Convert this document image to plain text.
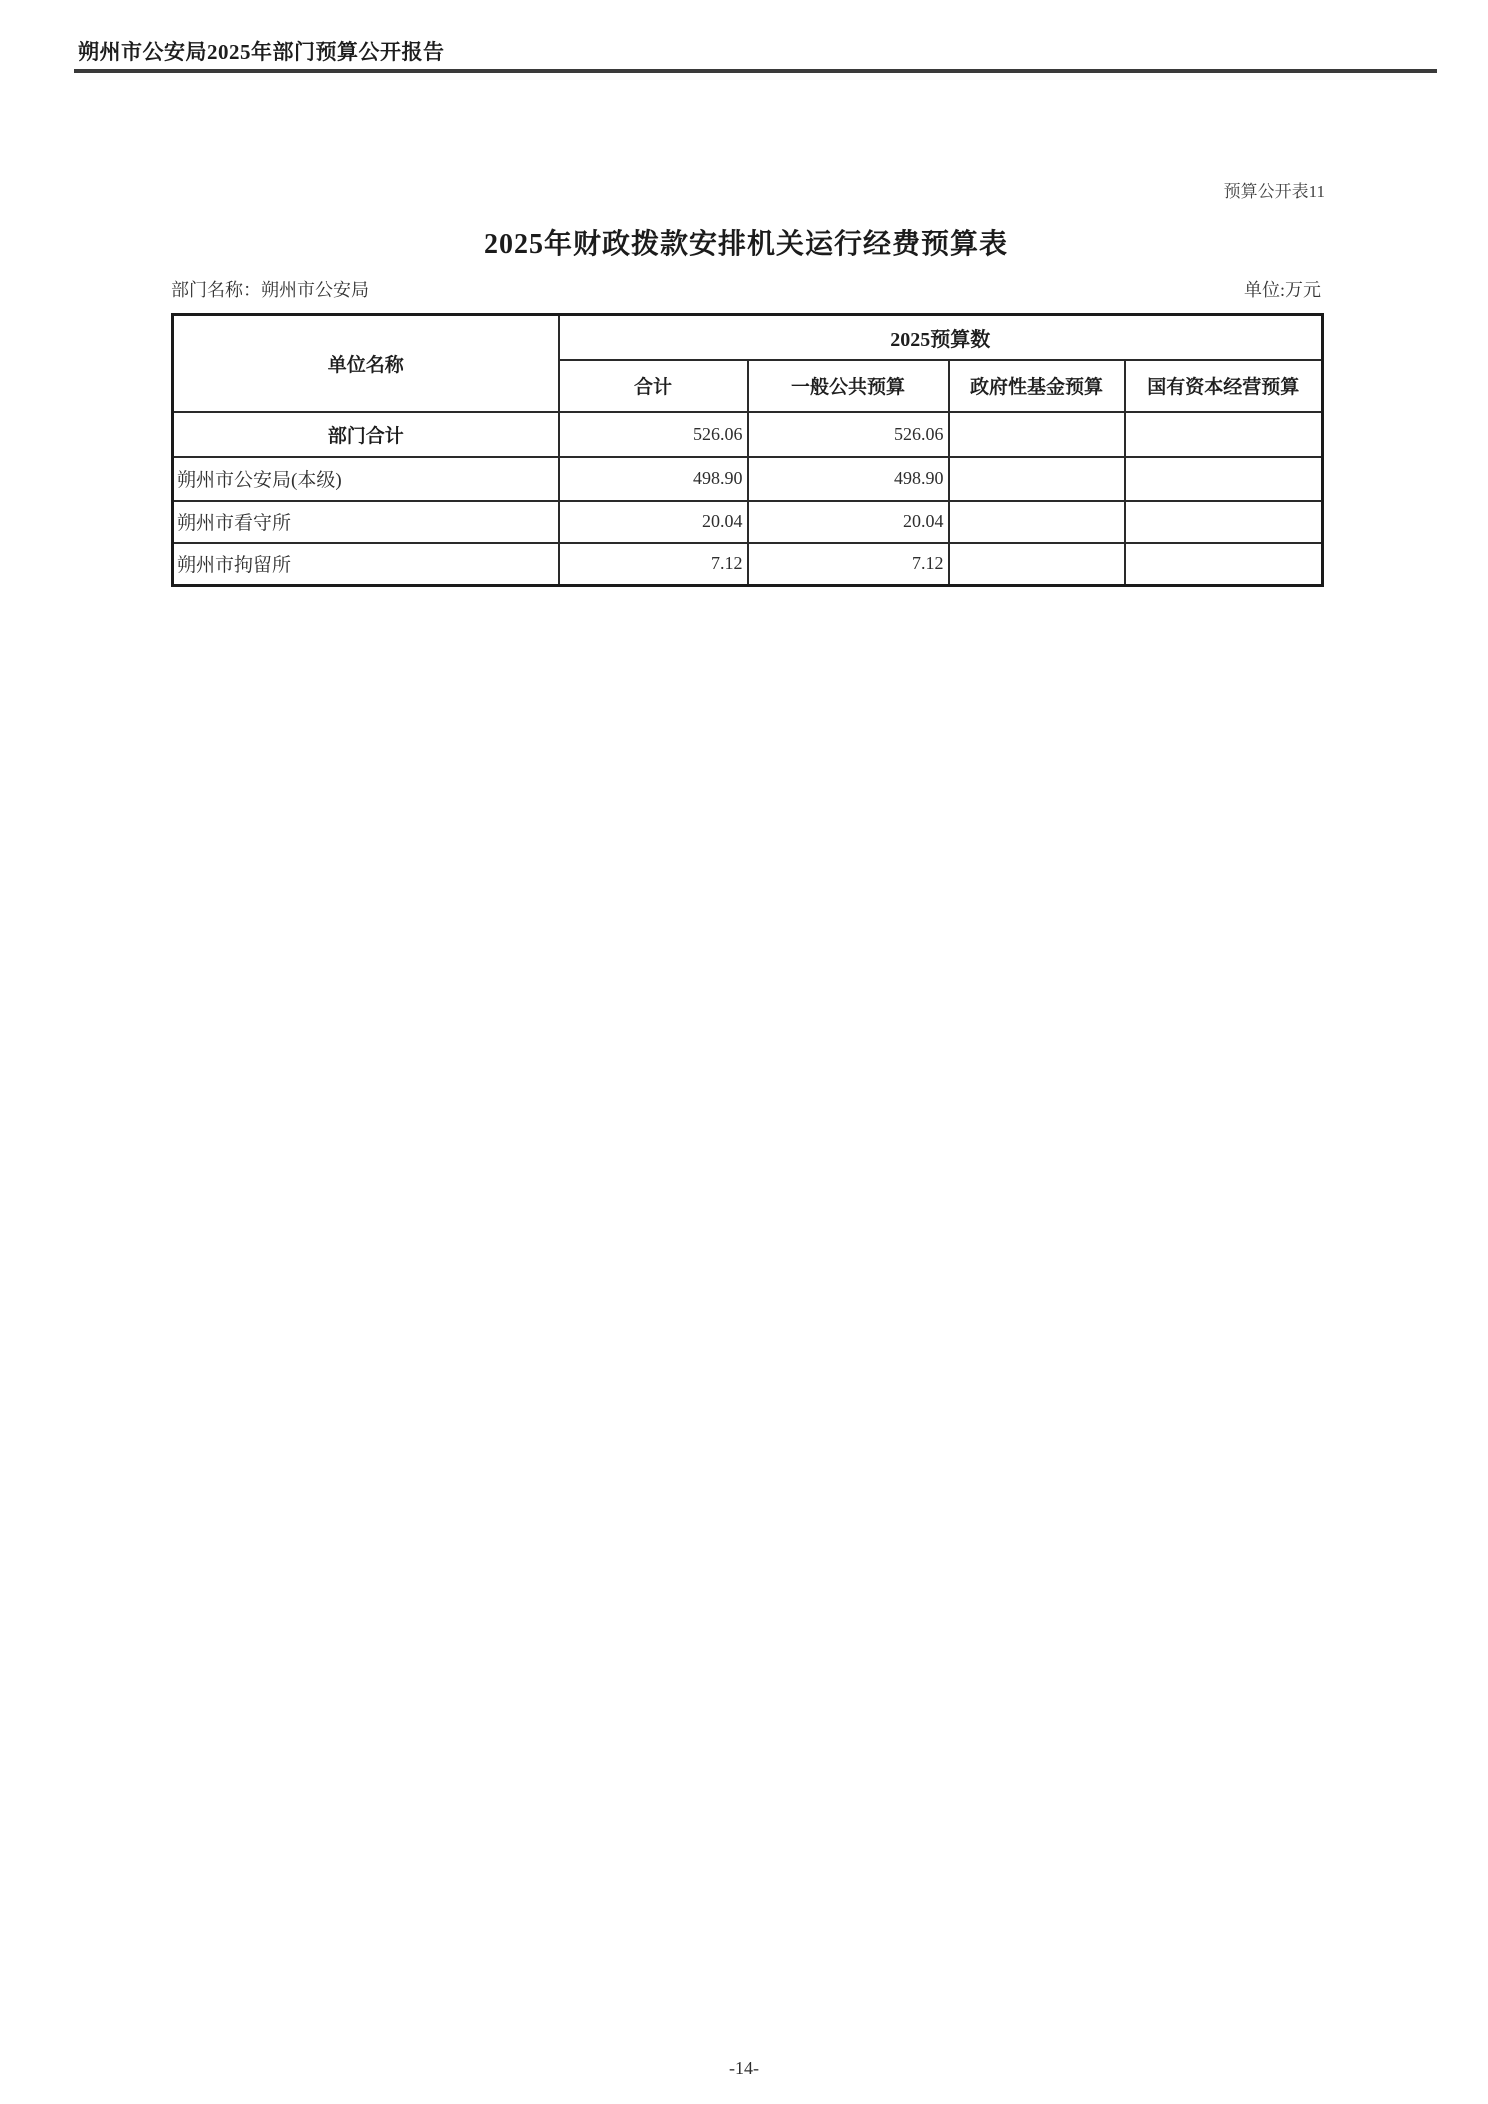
朔州市公安局2025年部门预算公开报告
预算公开表11
2025年财政拨款安排机关运行经费预算表
部门名称：朔州市公安局	单位:万元
单位名称	2025预算数			
	合计	一般公共预算	政府性基金预算	国有资本经营预算
部门合计	526.06	526.06		
朔州市公安局(本级)	498.90	498.90		
朔州市看守所	20.04	20.04		
朔州市拘留所	7.12	7.12		
-14-
